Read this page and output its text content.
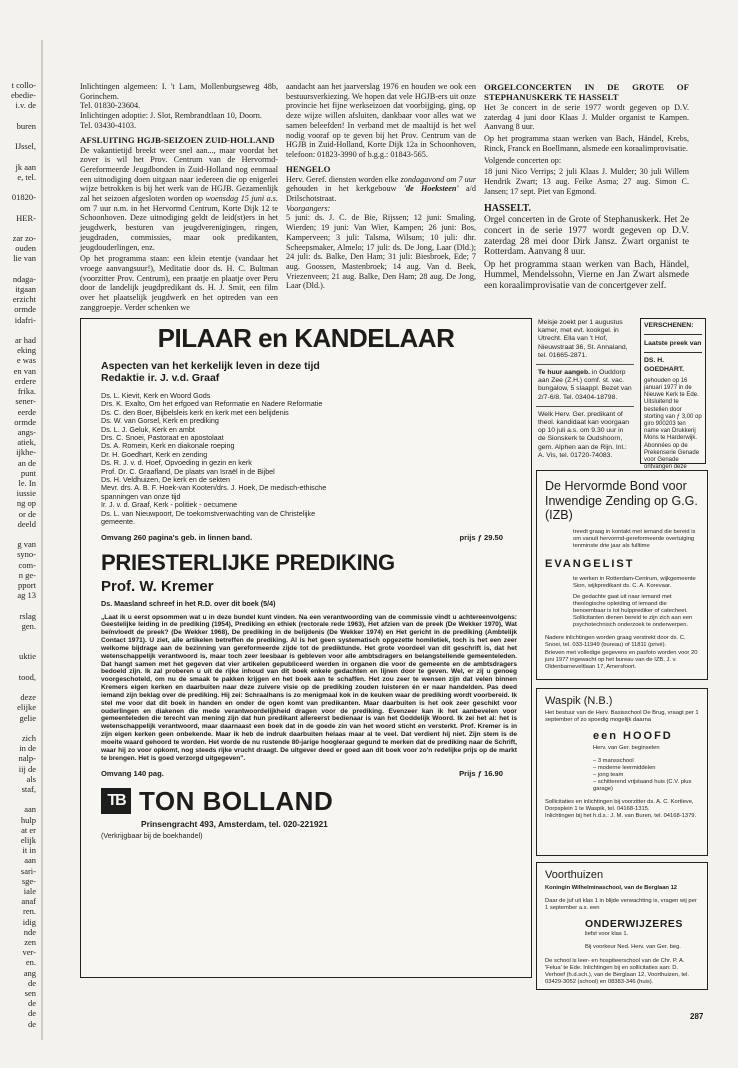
t collo-
ebedie-
i.v. de

buren

IJssel,

jk aan
e, tel.

01820-

HER-

zar zo-
ouden
lie van

ndaga-
itgaan
erzicht
ormde
idafri-

ar had
eking
e was
en van
erdere
frika.
sener-
eerde
ormde
angs-
atiek,
ijkhe-
an de
punt
le. In
iussie
ng op
or de
deeld

g van
syno-
com-
n ge-
pport
ag 13

rslag
gen.

uktie

tood,

deze
elijke
gelie

zich
in de
nalp-
iij de
als
staf,

aan
hulp
at er
elijk
it in
aan
sari-
sge-
iale
anaf
ren.
idig
nde
zen
ver-
en.
ang
de
sen
de
de
de

Inlichtingen algemeen: I. 't Lam, Mollenburgseweg 48b, Gorinchem.
Tel. 01830-23604.
Inlichtingen adoptie: J. Slot, Rembrandtlaan 10, Doorn.
Tel. 03430-4103.

AFSLUITING HGJB-SEIZOEN ZUID-HOLLAND

De vakantietijd breekt weer snel aan..., maar voordat het zover is wil het Prov. Centrum van de Hervormd-Gereformeerde Jeugdbonden in Zuid-Holland nog eenmaal een uitnodiging doen uitgaan naar iedereen die op enigerlei wijze betrokken is bij het werk van de HGJB. Gezamenlijk zal het seizoen afgesloten worden op woensdag 15 juni a.s. om 7 uur n.m. in het Hervormd Centrum, Korte Dijk 12 te Schoonhoven. Deze uitnodiging geldt de leid(st)ers in het jeugdwerk, besturen van jeugdverenigingen, ringen, jeugdraden, commissies, maar ook predikanten, jeugdouderlingen, enz.

Op het programma staan: een klein etentje (vandaar het vroege aanvangsuur!), Meditatie door ds. H. C. Bultman (voorzitter Prov. Centrum), een praatje en plaatje over Peru door de landelijk jeugdpredikant ds. H. J. Smit, een film over het plaatselijk jeugdwerk en het optreden van een zanggroepje. Verder schenken we

aandacht aan het jaarverslag 1976 en houden we ook een bestuursverkiezing. We hopen dat vele HGJB-ers uit onze provincie het fijne werkseizoen dat voorbijging, ging, op deze wijze willen afsluiten, dankbaar voor alles wat we samen beleefden! In verband met de maaltijd is het wel nodig vooraf op te geven bij het Prov. Centrum van de HGJB in Zuid-Holland, Korte Dijk 12a in Schoonhoven, telefoon: 01823-3990 of b.g.g.: 01843-565.

HENGELO

Herv. Geref. diensten worden elke zondagavond om 7 uur gehouden in het kerkgebouw 'de Hoeksteen' a/d Drilschotstraat.
Voorgangers:
5 juni: ds. J. C. de Bie, Rijssen; 12 juni: Smaling, Wierden; 19 juni: Van Wier, Kampen; 26 juni: Bos, Kamperveen; 3 juli: Talsma, Wilsum; 10 juli: dhr. Scheepsmaker, Almelo; 17 juli: ds. De Jong, Laar (Dld.); 24 juli: ds. Balke, Den Ham; 31 juli: Biesbroek, Ede; 7 aug. Goossen, Mastenbroek; 14 aug. Van d. Beek, Vriezenveen; 21 aug. Balke, Den Ham; 28 aug. De Jong, Laar (Dld.).

ORGELCONCERTEN IN DE GROTE OF STEPHANUSKERK TE HASSELT

Het 3e concert in de serie 1977 wordt gegeven op D.V. zaterdag 4 juni door Klaas J. Mulder organist te Kampen. Aanvang 8 uur.

Op het programma staan werken van Bach, Händel, Krebs, Rinck, Franck en Boellmann, alsmede een koraalimprovisatie.

Volgende concerten op:

18 juni Nico Verrips; 2 juli Klaas J. Mulder; 30 juli Willem Hendrik Zwart; 13 aug. Feike Asma; 27 aug. Simon C. Jansen; 17 sept. Piet van Egmond.

HASSELT.

Orgel concerten in de Grote of Stephanuskerk. Het 2e concert in de serie 1977 wordt gegeven op D.V. zaterdag 28 mei door Dirk Jansz. Zwart organist te Rotterdam. Aanvang 8 uur.

Op het programma staan werken van Bach, Händel, Hummel, Mendelssohn, Vierne en Jan Zwart alsmede een koraalimprovisatie van de concertgever zelf.

PILAAR en KANDELAAR
Aspecten van het kerkelijk leven in deze tijd
Redaktie ir. J. v.d. Graaf
Ds. L. Kievit, Kerk en Woord Gods
Drs. K. Exalto, Om het erfgoed van Reformatie en Nadere Reformatie
Ds. C. den Boer, Bijbelsleis kerk en kerk met een belijdenis
Ds. W. van Gorsel, Kerk en prediking
Ds. L. J. Geluk, Kerk en ambt
Drs. C. Snoei, Pastoraat en apostolaat
Ds. A. Romein, Kerk en diakonale roeping
Dr. H. Goedhart, Kerk en zending
Ds. R. J. v. d. Hoef, Opvoeding in gezin en kerk
Prof. Dr. C. Graafland, De plaats van Israël in de Bijbel
Ds. H. Veldhuizen, De kerk en de sekten
Mevr. drs. A. B. F. Hoek-van Kooten/drs. J. Hoek, De medisch-ethische
spanningen van onze tijd
Ir. J. v. d. Graaf, Kerk - politiek - oecumene
Ds. L. van Nieuwpoort, De toekomstverwachting van de Christelijke
gemeente.
Omvang 260 pagina's geb. in linnen band.	prijs ƒ 29.50
PRIESTERLIJKE PREDIKING
Prof. W. Kremer
Ds. Maasland schreef in het R.D. over dit boek (5/4)
„Laat ik u eerst opsommen wat u in deze bundel kunt vinden. Na een verantwoording van de commissie vindt u achtereenvolgens: Geestelijke leiding in de prediking (1954), Prediking en ethiek (rectorale rede 1963), Het afzien van de preek (De Wekker 1970), Wat beïnvloedt de preek? (De Wekker 1968), De prediking in de belijdenis (De Wekker 1974) en Het gericht in de prediking (Ambtelijk Contact 1971). U ziet, alle artikelen betreffen de prediking. Al is het geen systematisch opgezette homiletiek, toch is het een zeer welkome bijdrage aan de bezinning van gereformeerde zijde tot de prediktunde. Het grote voordeel van dit geschrift is, dat het wetenschappelijk verantwoord is, maar toch zeer leesbaar is gebleven voor alle ambtsdragers en belangstellende gemeenteleden. Dat hangt samen met het gegeven dat vier artikelen gepubliceerd werden in organen die voor de gemeente en de ambtsdragers bedoeld zijn. Ik zal proberen u uit de rijke inhoud van dit boek enkele gedachten en lijnen door te geven. Wel, er zij u genoeg voorgeschoteld, om nu de smaak te pakken krijgen en het boek aan te schaffen. Het zou zeer te wensen zijn dat velen binnen Kremers eigen kerken en daarbuiten naar deze zuivere visie op de prediking zouden luisteren én er naar handelden. Pas deed iemand zijn beklag over de prediking. Hij zei: Schraalhans is zo menigmaal kok in de keuken waar de prediking wordt voorbereid. Ik stel me voor dat dit boek in handen en onder de ogen komt van predikanten. Maar daarbuiten is het ook zeer geschikt voor ouderlingen en diakenen die mede verantwoordelijkheid dragen voor de prediking. Evenzeer kan ik het aanbevelen voor gemeenteleden die terecht van mening zijn dat hun predikant allereerst bedienaar is van het Goddelijk Woord. Ik zei het al: het is wetenschappelijk verantwoord, maar daarnaast een boek dat in de goede zin van het woord sticht en versterkt. Prof. Kremer is in zijn eigen kerken geen onbekende. Maar ik heb de indruk daarbuiten helaas maar al te veel. Dat verdient hij niet. Zijn stem is de moeite waard gehoord te worden. Het worde de nu rustende 80-jarige hoogleraar gegund te merken dat de prediking naar de Schrift, waar hij zo voor opkomt, nog steeds rijke vrucht draagt. De uitgever deed er goed aan dit boek voor zo'n redelijke prijs op de markt te brengen. Het is goed verzorgd uitgegeven".
Omvang 140 pag.	Prijs ƒ 16.90
TB TON BOLLAND
Prinsengracht 493, Amsterdam, tel. 020-221921
(Verkrijgbaar bij de boekhandel)
Meisje zoekt per 1 augustus kamer, met evt. kookgel. in Utrecht. Ella van 't Hof, Nieuwstraat 36, St. Annaland, tel. 01665-2871.
Te huur aangeb. in Ouddorp aan Zee (Z.H.) comf. st. vac. bungalow, 5 slaappl. Bezet van 2/7-6/8. Tel. 03404-18798.
Welk Herv. Ger. predikant of theol. kandidaat kan voorgaan op 10 juli a.s. om 9.30 uur in de Sionskerk te Oudshoorn, gem. Alphen aan de Rijn. Inl.: A. Vis, tel. 01720-74083.
VERSCHENEN:
Laatste preek van
DS. H. GOEDHART.
gehouden op 16 januari 1977 in de Nieuwe Kerk te Ede. Uitsluitend te bestellen door storting van ƒ 3,00 op giro 900203 ten name van Drukkerij Mons te Harderwijk. Abonnées op de Prekenserie Genade voor Genade ontvangen deze
De Hervormde Bond voor
Inwendige Zending op G.G. (IZB)
treedt graag in kontakt met iemand die bereid is om vanuit hervormd-gereformeerde overtuiging tenminste drie jaar als fulltime
EVANGELIST
te werken in Rotterdam-Centrum, wijkgemeente Sion, wijkpredikant ds. C. A. Korevaar.
De gedachte gaat uit naar iemand met theologische opleiding of iemand die benoembaar is tot hulpprediker of catecheet. Sollicitanten dienen bereid te zijn zich aan een psychotechnisch onderzoek te onderwerpen.
Nadere inlichtingen worden graag verstrekt door ds. C. Snoei, tel. 033-11949 (bureau) of 11811 (privé).
Brieven met volledige gegevens en pasfoto worden voor 20 juni 1977 ingewacht op het bureau van de IZB, J. v. Oldenbarneveltlaan 17, Amersfoort.
Waspik (N.B.)
Het bestuur van de Herv. Basisschool De Brug, vraagt per 1 september of zo spoedig mogelijk daarna
een HOOFD
Herv. van Ger. beginselen
– 3 mansschool
– moderne leermiddelen
– jong team
– schitterend vrijstaand huis (C.V. plus garage)
Sollicitaties en inlichtingen bij voorzitter ds. A. C. Kortleve, Dorpsplein 1 te Waspik, tel. 04168-1315.
Inlichtingen bij het h.d.s.: J. M. van Buren, tel. 04168-1379.
Voorthuizen
Koningin Wilhelminaschool, van de Berglaan 12
Daar de juf uit klas 1 in blijde verwachting is, vragen wij per 1 september a.s. een
ONDERWIJZERES
liefst voor klas 1.
Bij voorkeur Ned. Herv. van Ger. beg.
De school is leer- en hospiteerschool van de Chr. P. A. 'Felua' te Ede. Inlichtingen bij en sollicitaties aan: D. Verhoef (h.d.sch.), van de Berglaan 12, Voorthuizen, tel. 03429-3052 (school) en 08383-346 (huis).
287
